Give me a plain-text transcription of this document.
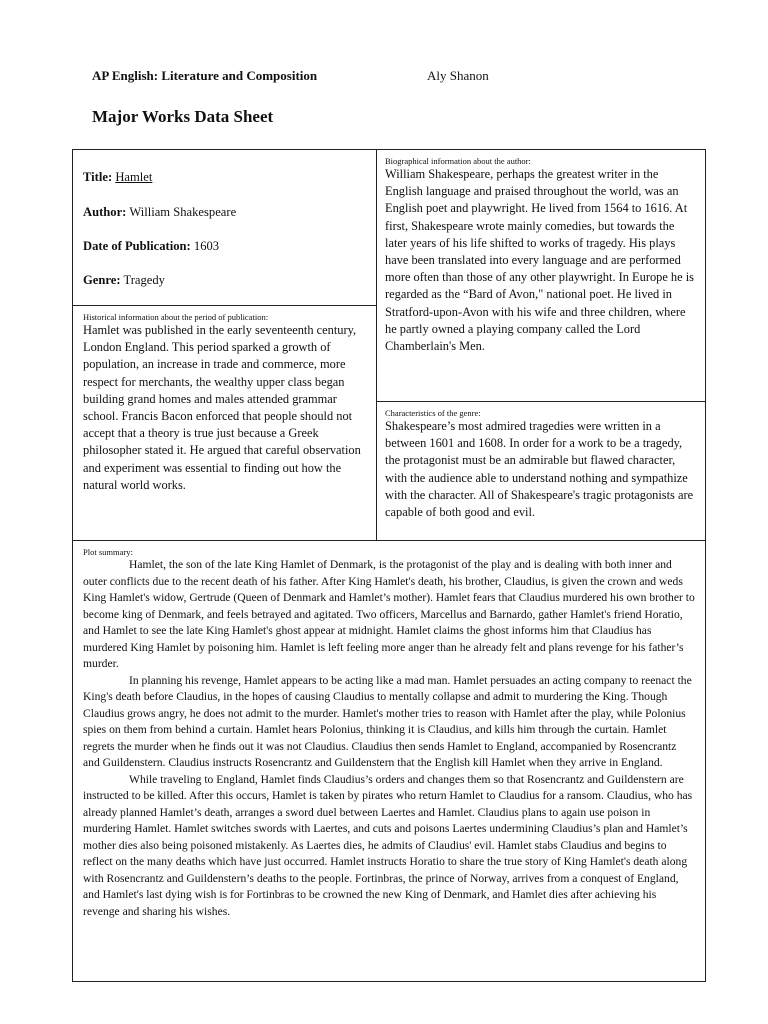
AP English: Literature and Composition	Aly Shanon
Major Works Data Sheet
Title: Hamlet
Author: William Shakespeare
Date of Publication: 1603
Genre: Tragedy
Biographical information about the author:
William Shakespeare, perhaps the greatest writer in the English language and praised throughout the world, was an English poet and playwright. He lived from 1564 to 1616. At first, Shakespeare wrote mainly comedies, but towards the later years of his life shifted to works of tragedy. His plays have been translated into every language and are performed more often than those of any other playwright. In Europe he is regarded as the “Bard of Avon," national poet. He lived in Stratford-upon-Avon with his wife and three children, where he partly owned a playing company called the Lord Chamberlain's Men.
Historical information about the period of publication:
Hamlet was published in the early seventeenth century, London England. This period sparked a growth of population, an increase in trade and commerce, more respect for merchants, the wealthy upper class began building grand homes and males attended grammar school. Francis Bacon enforced that people should not accept that a theory is true just because a Greek philosopher stated it. He argued that careful observation and experiment was essential to finding out how the natural world works.
Characteristics of the genre:
Shakespeare’s most admired tragedies were written in a between 1601 and 1608. In order for a work to be a tragedy, the protagonist must be an admirable but flawed character, with the audience able to understand nothing and sympathize with the character. All of Shakespeare's tragic protagonists are capable of both good and evil.
Plot summary:

Hamlet, the son of the late King Hamlet of Denmark, is the protagonist of the play and is dealing with both inner and outer conflicts due to the recent death of his father. After King Hamlet's death, his brother, Claudius, is given the crown and weds King Hamlet's widow, Gertrude (Queen of Denmark and Hamlet’s mother). Hamlet fears that Claudius murdered his own brother to become king of Denmark, and feels betrayed and agitated. Two officers, Marcellus and Barnardo, gather Hamlet's friend Horatio, and Hamlet to see the late King Hamlet's ghost appear at midnight. Hamlet claims the ghost informs him that Claudius has murdered King Hamlet by poisoning him. Hamlet is left feeling more anger than he already felt and plans revenge for his father’s murder.

In planning his revenge, Hamlet appears to be acting like a mad man. Hamlet persuades an acting company to reenact the King's death before Claudius, in the hopes of causing Claudius to mentally collapse and admit to murdering the King. Though Claudius grows angry, he does not admit to the murder. Hamlet's mother tries to reason with Hamlet after the play, while Polonius spies on them from behind a curtain. Hamlet hears Polonius, thinking it is Claudius, and kills him through the curtain. Hamlet regrets the murder when he finds out it was not Claudius. Claudius then sends Hamlet to England, accompanied by Rosencrantz and Guildenstern. Claudius instructs Rosencrantz and Guildenstern that the English kill Hamlet when they arrive in England.

While traveling to England, Hamlet finds Claudius’s orders and changes them so that Rosencrantz and Guildenstern are instructed to be killed. After this occurs, Hamlet is taken by pirates who return Hamlet to Claudius for a ransom. Claudius, who has already planned Hamlet’s death, arranges a sword duel between Laertes and Hamlet. Claudius plans to again use poison in murdering Hamlet. Hamlet switches swords with Laertes, and cuts and poisons Laertes undermining Claudius’s plan and Hamlet’s mother dies also being poisoned mistakenly. As Laertes dies, he admits of Claudius' evil. Hamlet stabs Claudius and begins to reflect on the many deaths which have just occurred. Hamlet instructs Horatio to share the true story of King Hamlet's death along with Rosencrantz and Guildenstern’s deaths to the people. Fortinbras, the prince of Norway, arrives from a conquest of England, and Hamlet's last dying wish is for Fortinbras to be crowned the new King of Denmark, and Hamlet dies after achieving his revenge and sharing his wishes.
